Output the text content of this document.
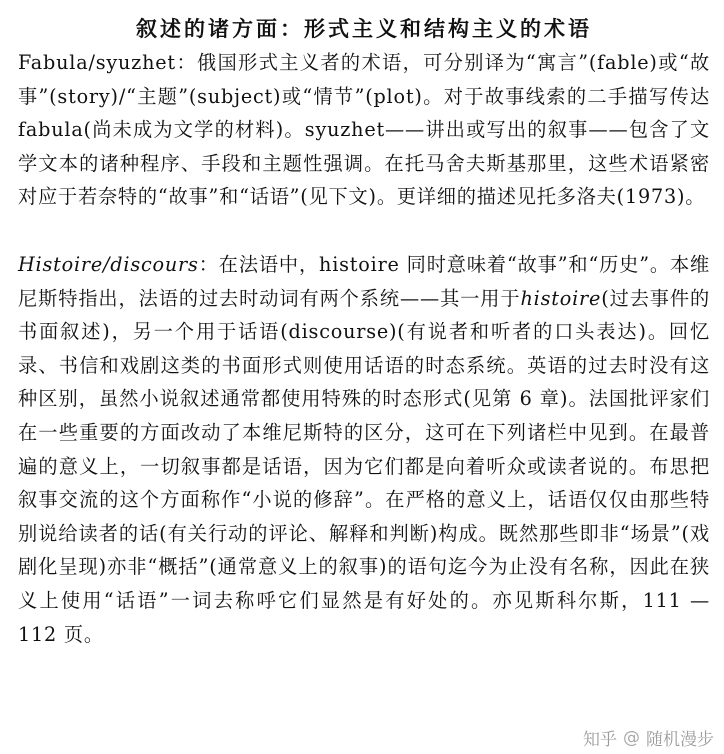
叙述的诸方面：形式主义和结构主义的术语

Fabula/syuzhet：俄国形式主义者的术语，可分别译为“寓言”(fable)或“故事”(story)/“主题”(subject)或“情节”(plot)。对于故事线索的二手描写传达 fabula(尚未成为文学的材料)。syuzhet——讲出或写出的叙事——包含了文学文本的诸种程序、手段和主题性强调。在托马舍夫斯基那里，这些术语紧密对应于若奈特的“故事”和“话语”(见下文)。更详细的描述见托多洛夫(1973)。

Histoire/discours：在法语中，histoire 同时意味着“故事”和“历史”。本维尼斯特指出，法语的过去时动词有两个系统——其一用于histoire(过去事件的书面叙述)，另一个用于话语(discourse)(有说者和听者的口头表达)。回忆录、书信和戏剧这类的书面形式则使用话语的时态系统。英语的过去时没有这种区别，虽然小说叙述通常都使用特殊的时态形式(见第 6 章)。法国批评家们在一些重要的方面改动了本维尼斯特的区分，这可在下列诸栏中见到。在最普遍的意义上，一切叙事都是话语，因为它们都是向着听众或读者说的。布思把叙事交流的这个方面称作“小说的修辞”。在严格的意义上，话语仅仅由那些特别说给读者的话(有关行动的评论、解释和判断)构成。既然那些即非“场景”(戏剧化呈现)亦非“概括”(通常意义上的叙事)的语句迄今为止没有名称，因此在狭义上使用“话语”一词去称呼它们显然是有好处的。亦见斯科尔斯，111 — 112 页。

知乎 @ 随机漫步
